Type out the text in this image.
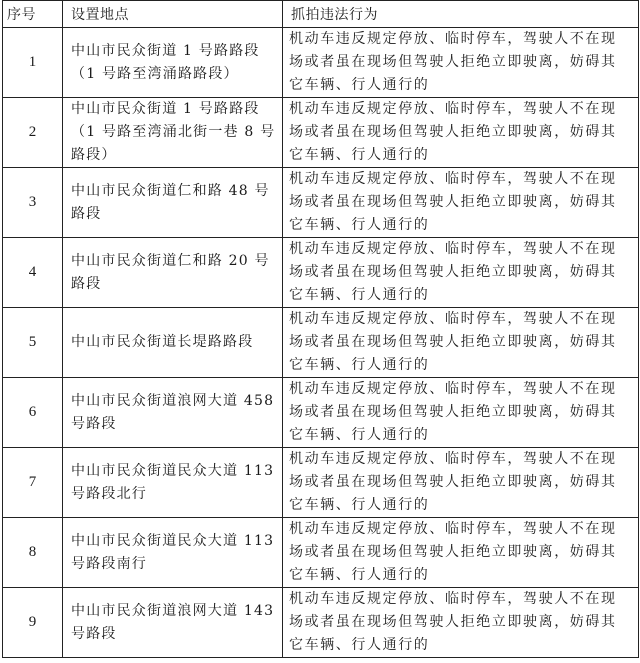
序号	设置地点	抓拍违法行为
1	中山市民众街道 1 号路路段（1 号路至湾涌路路段）	机动车违反规定停放、临时停车，驾驶人不在现场或者虽在现场但驾驶人拒绝立即驶离，妨碍其它车辆、行人通行的
2	中山市民众街道 1 号路路段（1 号路至湾涌北街一巷 8 号路段）	机动车违反规定停放、临时停车，驾驶人不在现场或者虽在现场但驾驶人拒绝立即驶离，妨碍其它车辆、行人通行的
3	中山市民众街道仁和路 48 号路段	机动车违反规定停放、临时停车，驾驶人不在现场或者虽在现场但驾驶人拒绝立即驶离，妨碍其它车辆、行人通行的
4	中山市民众街道仁和路 20 号路段	机动车违反规定停放、临时停车，驾驶人不在现场或者虽在现场但驾驶人拒绝立即驶离，妨碍其它车辆、行人通行的
5	中山市民众街道长堤路路段	机动车违反规定停放、临时停车，驾驶人不在现场或者虽在现场但驾驶人拒绝立即驶离，妨碍其它车辆、行人通行的
6	中山市民众街道浪网大道 458 号路段	机动车违反规定停放、临时停车，驾驶人不在现场或者虽在现场但驾驶人拒绝立即驶离，妨碍其它车辆、行人通行的
7	中山市民众街道民众大道 113 号路段北行	机动车违反规定停放、临时停车，驾驶人不在现场或者虽在现场但驾驶人拒绝立即驶离，妨碍其它车辆、行人通行的
8	中山市民众街道民众大道 113 号路段南行	机动车违反规定停放、临时停车，驾驶人不在现场或者虽在现场但驾驶人拒绝立即驶离，妨碍其它车辆、行人通行的
9	中山市民众街道浪网大道 143 号路段	机动车违反规定停放、临时停车，驾驶人不在现场或者虽在现场但驾驶人拒绝立即驶离，妨碍其它车辆、行人通行的
